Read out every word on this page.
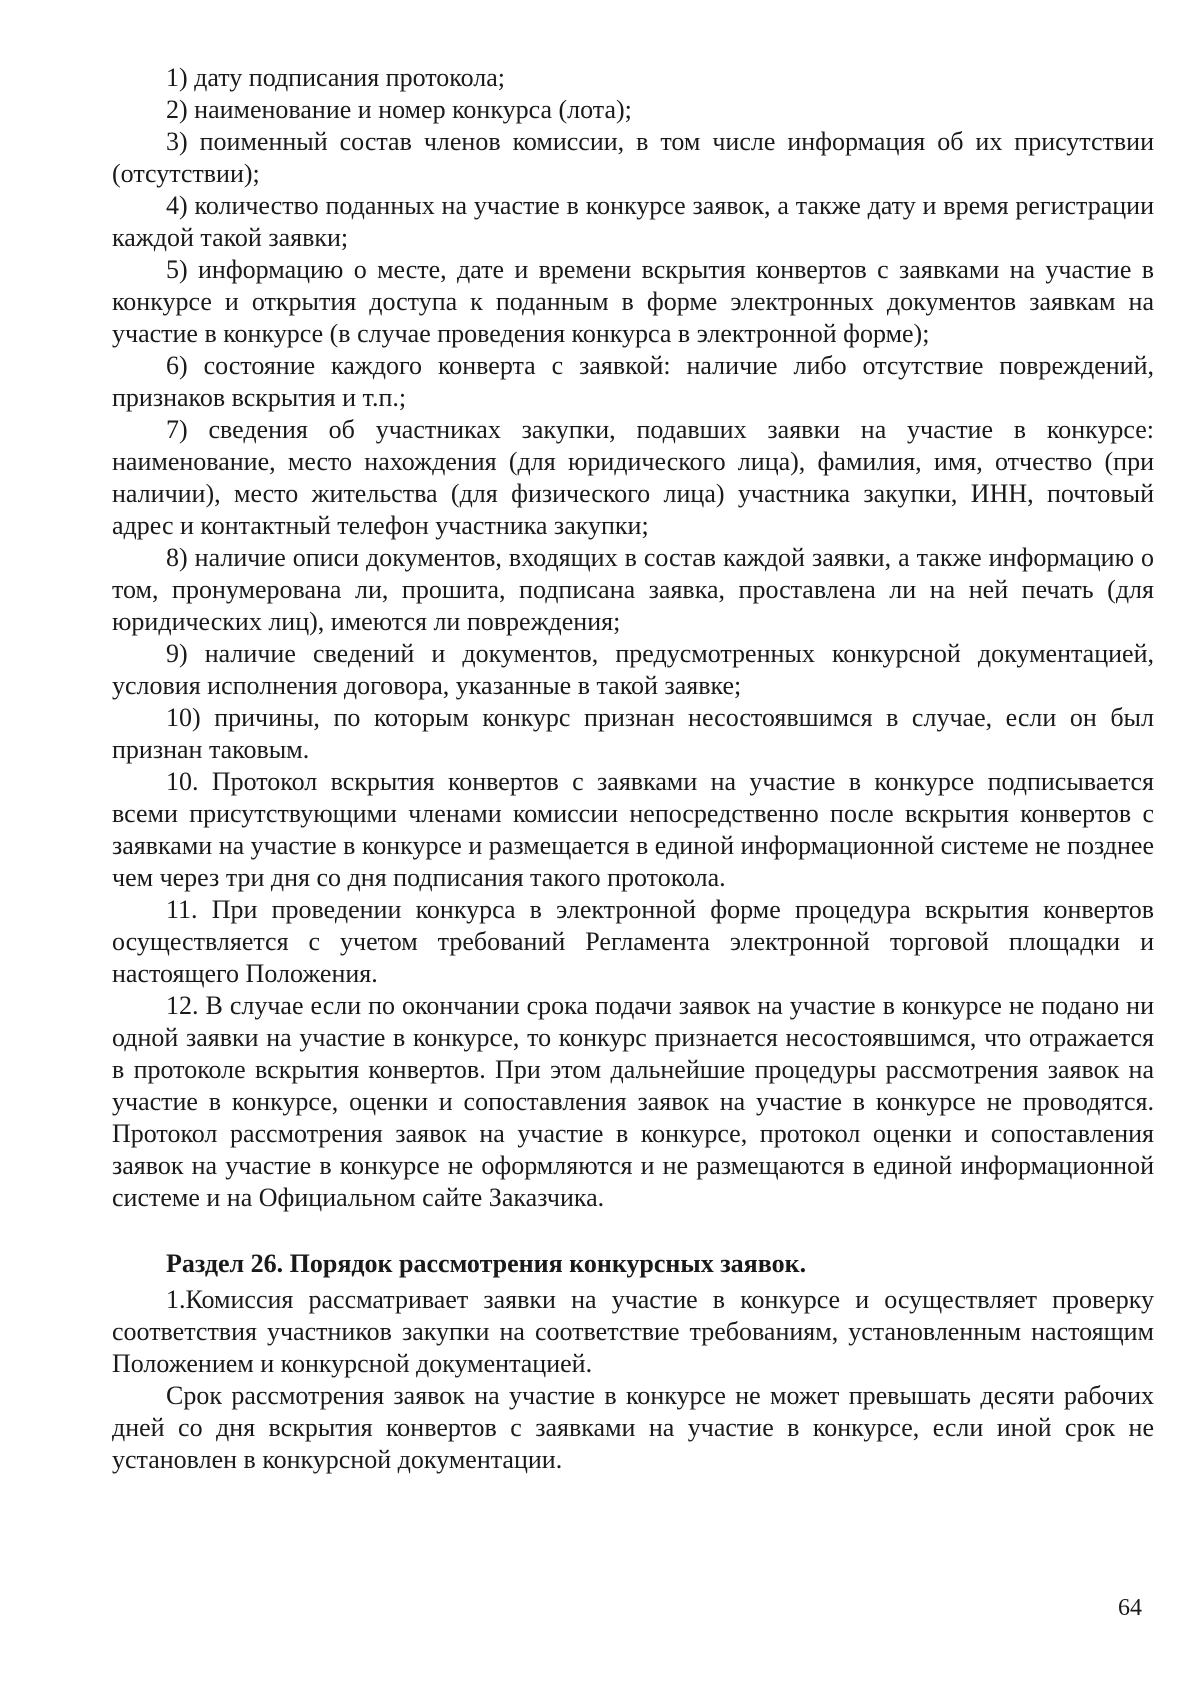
1) дату подписания протокола;

2) наименование и номер конкурса (лота);

3) поименный состав членов комиссии, в том числе информация об их присутствии (отсутствии);

4) количество поданных на участие в конкурсе заявок, а также дату и время регистрации каждой такой заявки;

5) информацию о месте, дате и времени вскрытия конвертов с заявками на участие в конкурсе и открытия доступа к поданным в форме электронных документов заявкам на участие в конкурсе (в случае проведения конкурса в электронной форме);

6) состояние каждого конверта с заявкой: наличие либо отсутствие повреждений, признаков вскрытия и т.п.;

7) сведения об участниках закупки, подавших заявки на участие в конкурсе: наименование, место нахождения (для юридического лица), фамилия, имя, отчество (при наличии), место жительства (для физического лица) участника закупки, ИНН, почтовый адрес и контактный телефон участника закупки;

8) наличие описи документов, входящих в состав каждой заявки, а также информацию о том, пронумерована ли, прошита, подписана заявка, проставлена ли на ней печать (для юридических лиц), имеются ли повреждения;

9) наличие сведений и документов, предусмотренных конкурсной документацией, условия исполнения договора, указанные в такой заявке;

10) причины, по которым конкурс признан несостоявшимся в случае, если он был признан таковым.

10. Протокол вскрытия конвертов с заявками на участие в конкурсе подписывается всеми присутствующими членами комиссии непосредственно после вскрытия конвертов с заявками на участие в конкурсе и размещается в единой информационной системе не позднее чем через три дня со дня подписания такого протокола.

11. При проведении конкурса в электронной форме процедура вскрытия конвертов осуществляется с учетом требований Регламента электронной торговой площадки и настоящего Положения.

12. В случае если по окончании срока подачи заявок на участие в конкурсе не подано ни одной заявки на участие в конкурсе, то конкурс признается несостоявшимся, что отражается в протоколе вскрытия конвертов. При этом дальнейшие процедуры рассмотрения заявок на участие в конкурсе, оценки и сопоставления заявок на участие в конкурсе не проводятся. Протокол рассмотрения заявок на участие в конкурсе, протокол оценки и сопоставления заявок на участие в конкурсе не оформляются и не размещаются в единой информационной системе и на Официальном сайте Заказчика.

Раздел 26. Порядок рассмотрения конкурсных заявок.

1.Комиссия рассматривает заявки на участие в конкурсе и осуществляет проверку соответствия участников закупки на соответствие требованиям, установленным настоящим Положением и конкурсной документацией.

Срок рассмотрения заявок на участие в конкурсе не может превышать десяти рабочих дней со дня вскрытия конвертов с заявками на участие в конкурсе, если иной срок не установлен в конкурсной документации.

64
